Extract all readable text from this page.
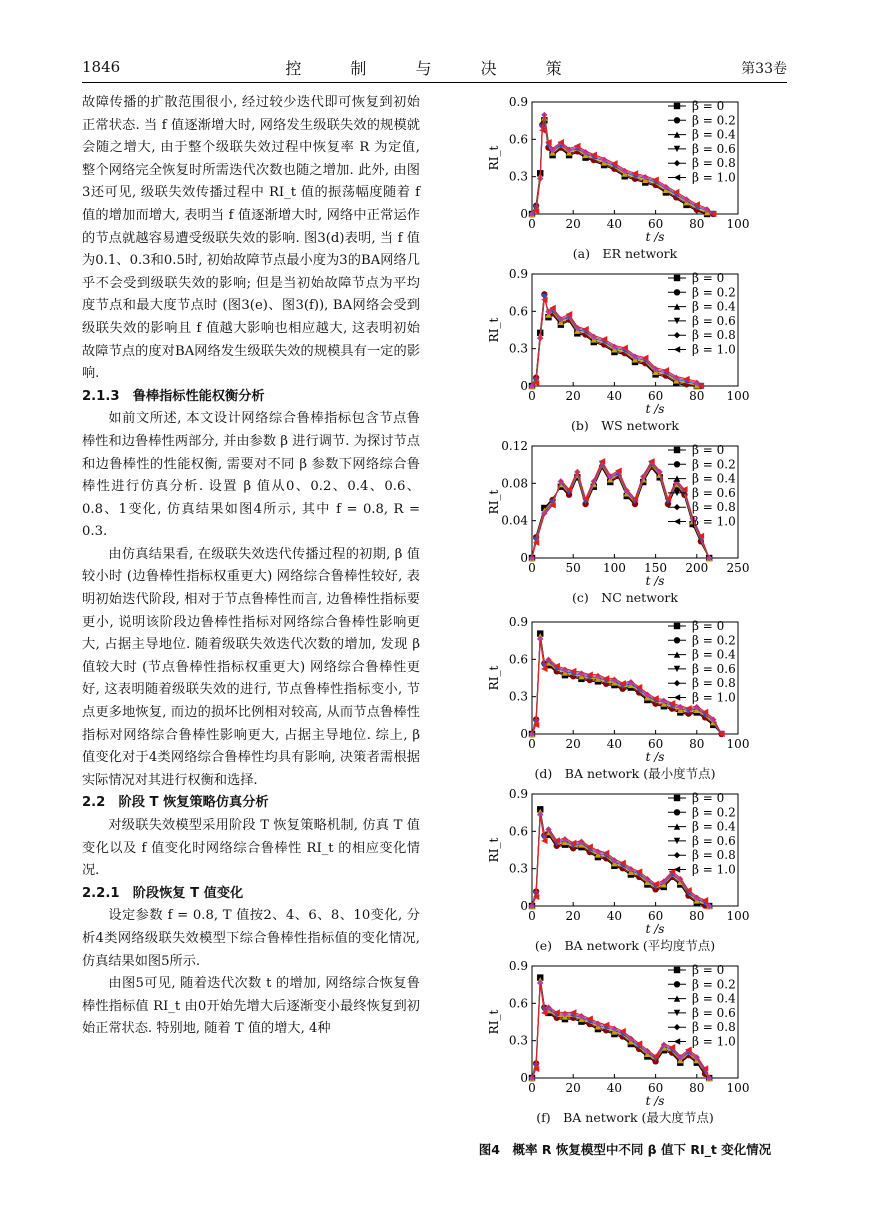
1846	控 制 与 决 策	第33卷

故障传播的扩散范围很小, 经过较少迭代即可恢复到初始正常状态. 当 f 值逐渐增大时, 网络发生级联失效的规模就会随之增大, 由于整个级联失效过程中恢复率 R 为定值, 整个网络完全恢复时所需迭代次数也随之增加. 此外, 由图3还可见, 级联失效传播过程中 RI_t 值的振荡幅度随着 f 值的增加而增大, 表明当 f 值逐渐增大时, 网络中正常运作的节点就越容易遭受级联失效的影响. 图3(d)表明, 当 f 值为0.1、0.3和0.5时, 初始故障节点最小度为3的BA网络几乎不会受到级联失效的影响; 但是当初始故障节点为平均度节点和最大度节点时 (图3(e)、图3(f)), BA网络会受到级联失效的影响且 f 值越大影响也相应越大, 这表明初始故障节点的度对BA网络发生级联失效的规模具有一定的影响.

2.1.3　鲁棒指标性能权衡分析

如前文所述, 本文设计网络综合鲁棒指标包含节点鲁棒性和边鲁棒性两部分, 并由参数 β 进行调节. 为探讨节点和边鲁棒性的性能权衡, 需要对不同 β 参数下网络综合鲁棒性进行仿真分析. 设置 β 值从0、0.2、0.4、0.6、0.8、1变化, 仿真结果如图4所示, 其中 f = 0.8, R = 0.3.

由仿真结果看, 在级联失效迭代传播过程的初期, β 值较小时 (边鲁棒性指标权重更大) 网络综合鲁棒性较好, 表明初始迭代阶段, 相对于节点鲁棒性而言, 边鲁棒性指标要更小, 说明该阶段边鲁棒性指标对网络综合鲁棒性影响更大, 占据主导地位. 随着级联失效迭代次数的增加, 发现 β 值较大时 (节点鲁棒性指标权重更大) 网络综合鲁棒性更好, 这表明随着级联失效的进行, 节点鲁棒性指标变小, 节点更多地恢复, 而边的损坏比例相对较高, 从而节点鲁棒性指标对网络综合鲁棒性影响更大, 占据主导地位. 综上, β 值变化对于4类网络综合鲁棒性均具有影响, 决策者需根据实际情况对其进行权衡和选择.

2.2　阶段 T 恢复策略仿真分析

对级联失效模型采用阶段 T 恢复策略机制, 仿真 T 值变化以及 f 值变化时网络综合鲁棒性 RI_t 的相应变化情况.

2.2.1　阶段恢复 T 值变化

设定参数 f = 0.8, T 值按2、4、6、8、10变化, 分析4类网络级联失效模型下综合鲁棒性指标值的变化情况, 仿真结果如图5所示.

由图5可见, 随着迭代次数 t 的增加, 网络综合恢复鲁棒性指标值 RI_t 由0开始先增大后逐渐变小最终恢复到初始正常状态. 特别地, 随着 T 值的增大, 4种

0 20 40 60 80 100
0
0.3
0.6
0.9
t /s
RI_t
β = 0
β = 0.2
β = 0.4
β = 0.6
β = 0.8
β = 1.0
(a)　ER network
0 20 40 60 80 100
0
0.3
0.6
0.9
t /s
RI_t
β = 0
β = 0.2
β = 0.4
β = 0.6
β = 0.8
β = 1.0
(b)　WS network
0 50 100 150 200 250
0
0.04
0.08
0.12
t /s
RI_t
β = 0
β = 0.2
β = 0.4
β = 0.6
β = 0.8
β = 1.0
(c)　NC network
0 20 40 60 80 100
0
0.3
0.6
0.9
t /s
RI_t
β = 0
β = 0.2
β = 0.4
β = 0.6
β = 0.8
β = 1.0
(d)　BA network (最小度节点)
0 20 40 60 80 100
0
0.3
0.6
0.9
t /s
RI_t
β = 0
β = 0.2
β = 0.4
β = 0.6
β = 0.8
β = 1.0
(e)　BA network (平均度节点)
0 20 40 60 80 100
0
0.3
0.6
0.9
t /s
RI_t
β = 0
β = 0.2
β = 0.4
β = 0.6
β = 0.8
β = 1.0
(f)　BA network (最大度节点)
图4　概率 R 恢复模型中不同 β 值下 RI_t 变化情况
